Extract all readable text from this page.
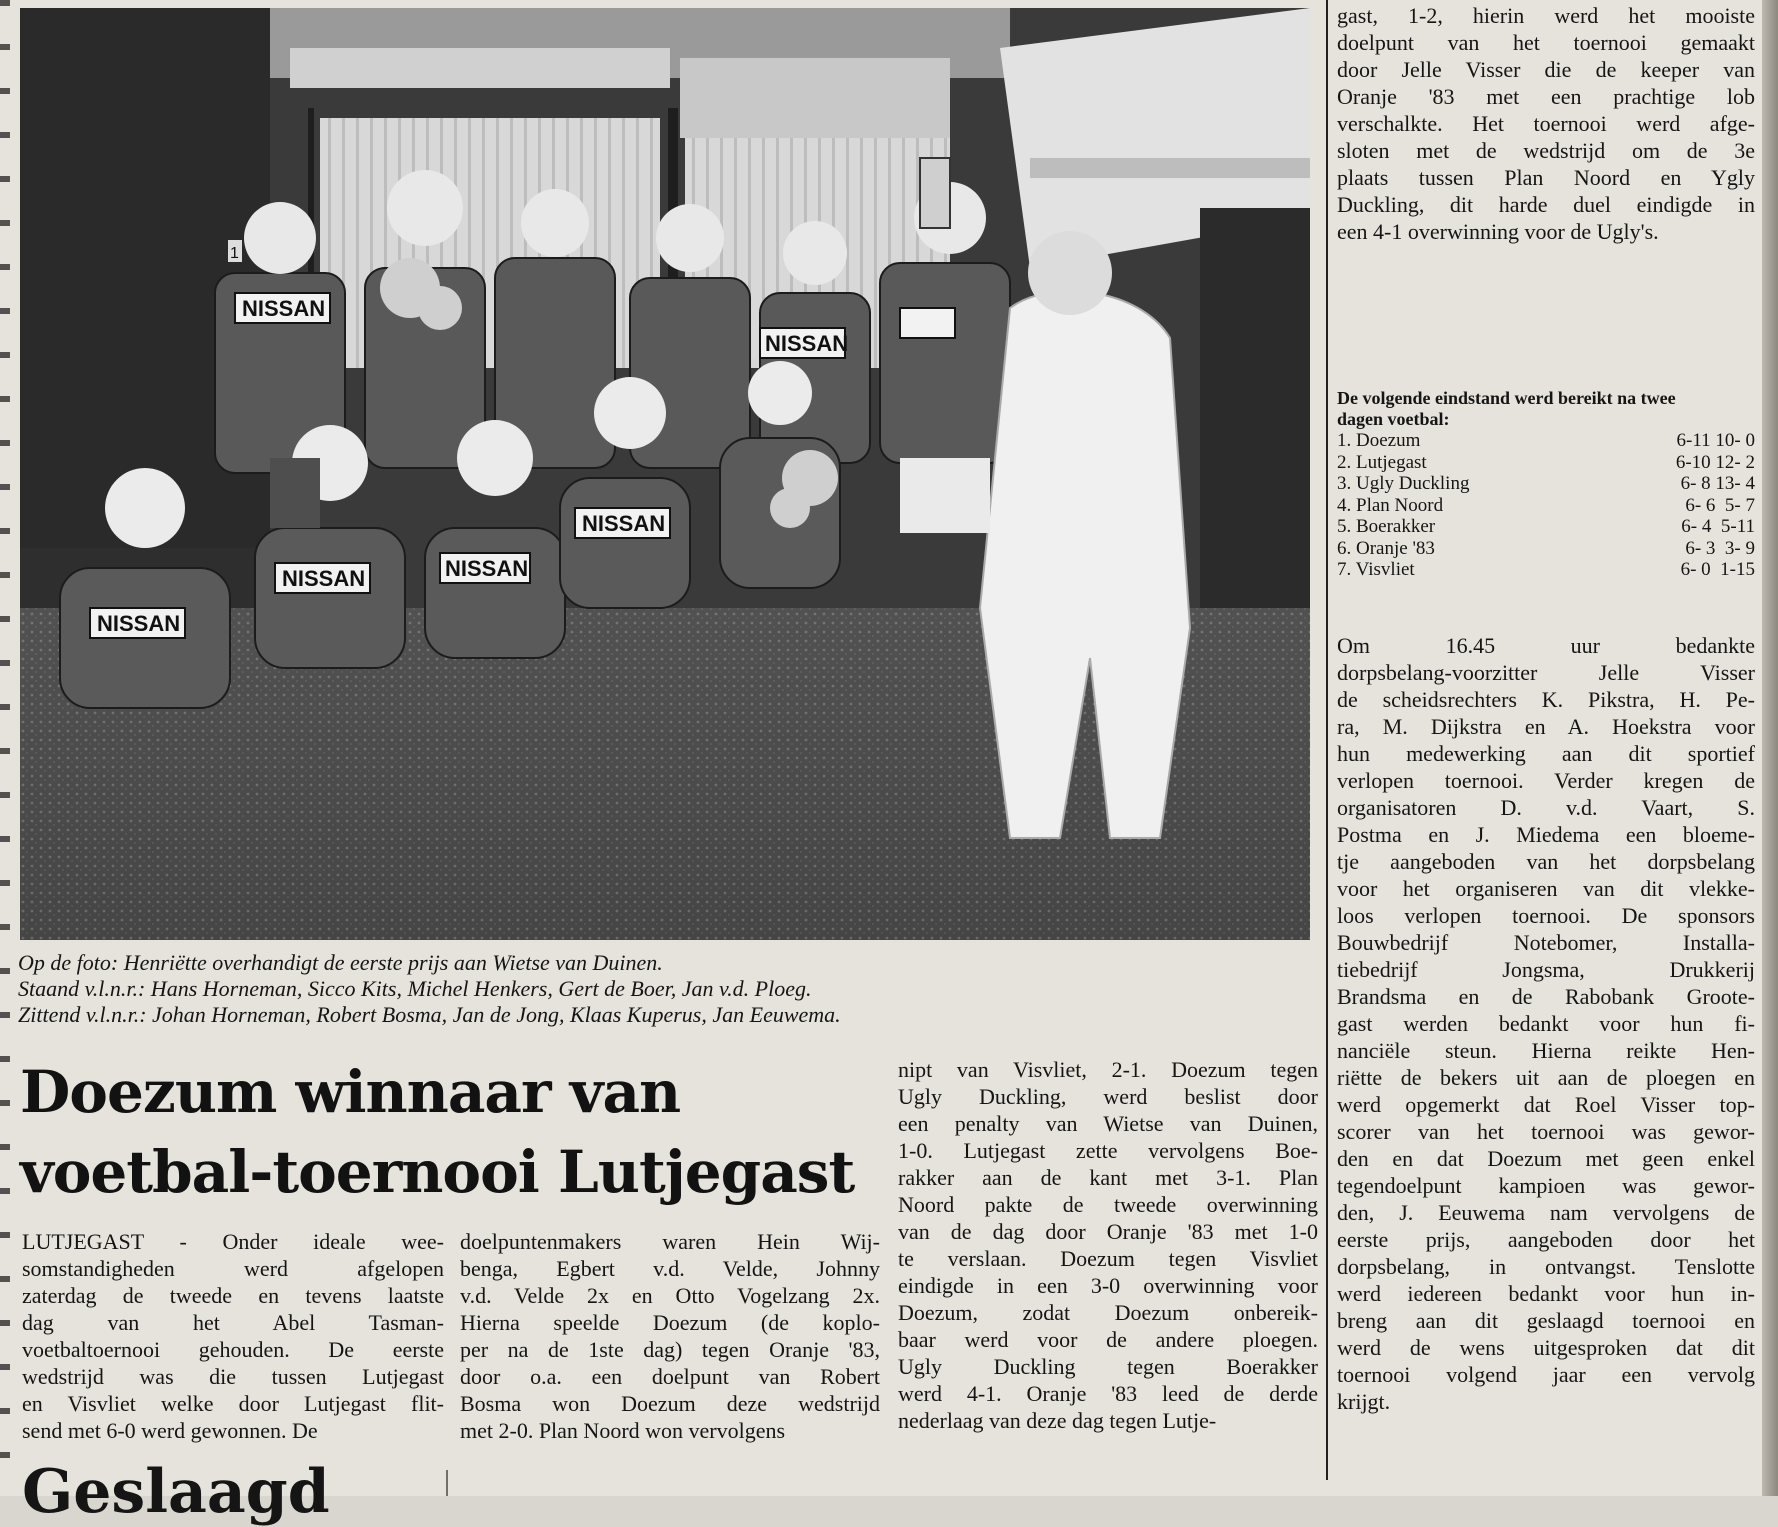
NISSAN
NISSAN
NISSAN
NISSAN
NISSAN	NISSAN
1
Op de foto: Henriëtte overhandigt de eerste prijs aan Wietse van Duinen.
Staand v.l.n.r.: Hans Horneman, Sicco Kits, Michel Henkers, Gert de Boer, Jan v.d. Ploeg.
Zittend v.l.n.r.: Johan Horneman, Robert Bosma, Jan de Jong, Klaas Kuperus, Jan Eeuwema.
Doezum winnaar van
voetbal-toernooi Lutjegast
LUTJEGAST - Onder ideale wee-
somstandigheden werd afgelopen
zaterdag de tweede en tevens laatste
dag van het Abel Tasman-
voetbaltoernooi gehouden. De eerste
wedstrijd was die tussen Lutjegast
en Visvliet welke door Lutjegast flit-
send met 6-0 werd gewonnen. De
doelpuntenmakers waren Hein Wij-
benga, Egbert v.d. Velde, Johnny
v.d. Velde 2x en Otto Vogelzang 2x.
Hierna speelde Doezum (de koplo-
per na de 1ste dag) tegen Oranje '83,
door o.a. een doelpunt van Robert
Bosma won Doezum deze wedstrijd
met 2-0. Plan Noord won vervolgens
nipt van Visvliet, 2-1. Doezum tegen
Ugly Duckling, werd beslist door
een penalty van Wietse van Duinen,
1-0. Lutjegast zette vervolgens Boe-
rakker aan de kant met 3-1. Plan
Noord pakte de tweede overwinning
van de dag door Oranje '83 met 1-0
te verslaan. Doezum tegen Visvliet
eindigde in een 3-0 overwinning voor
Doezum, zodat Doezum onbereik-
baar werd voor de andere ploegen.
Ugly Duckling tegen Boerakker
werd 4-1. Oranje '83 leed de derde
nederlaag van deze dag tegen Lutje-
gast, 1-2, hierin werd het mooiste
doelpunt van het toernooi gemaakt
door Jelle Visser die de keeper van
Oranje '83 met een prachtige lob
verschalkte. Het toernooi werd afge-
sloten met de wedstrijd om de 3e
plaats tussen Plan Noord en Ygly
Duckling, dit harde duel eindigde in
een 4-1 overwinning voor de Ugly's.
De volgende eindstand werd bereikt na twee
dagen voetbal:
1. Doezum	6-11 10- 0
2. Lutjegast	6-10 12- 2
3. Ugly Duckling	6- 8 13- 4
4. Plan Noord	6- 6  5- 7
5. Boerakker	6- 4  5-11
6. Oranje '83	6- 3  3- 9
7. Visvliet	6- 0  1-15
Om 16.45 uur bedankte
dorpsbelang-voorzitter Jelle Visser
de scheidsrechters K. Pikstra, H. Pe-
ra, M. Dijkstra en A. Hoekstra voor
hun medewerking aan dit sportief
verlopen toernooi. Verder kregen de
organisatoren D. v.d. Vaart, S.
Postma en J. Miedema een bloeme-
tje aangeboden van het dorpsbelang
voor het organiseren van dit vlekke-
loos verlopen toernooi. De sponsors
Bouwbedrijf Notebomer, Installa-
tiebedrijf Jongsma, Drukkerij
Brandsma en de Rabobank Groote-
gast werden bedankt voor hun fi-
nanciële steun. Hierna reikte Hen-
riëtte de bekers uit aan de ploegen en
werd opgemerkt dat Roel Visser top-
scorer van het toernooi was gewor-
den en dat Doezum met geen enkel
tegendoelpunt kampioen was gewor-
den, J. Eeuwema nam vervolgens de
eerste prijs, aangeboden door het
dorpsbelang, in ontvangst. Tenslotte
werd iedereen bedankt voor hun in-
breng aan dit geslaagd toernooi en
werd de wens uitgesproken dat dit
toernooi volgend jaar een vervolg
krijgt.
Geslaagd
